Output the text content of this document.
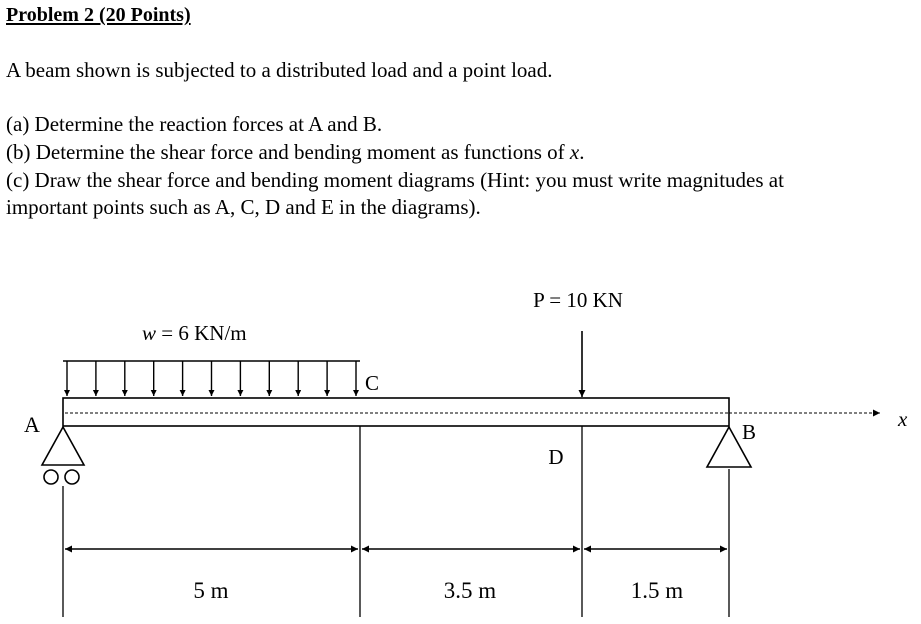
Problem 2 (20 Points)
A beam shown is subjected to a distributed load and a point load.
(a) Determine the reaction forces at A and B.
(b) Determine the shear force and bending moment as functions of x.
(c) Draw the shear force and bending moment diagrams (Hint: you must write magnitudes at
important points such as A, C, D and E in the diagrams).
P = 10 KN
w = 6 KN/m
A
C
D
B
x
5 m	3.5 m	1.5 m
